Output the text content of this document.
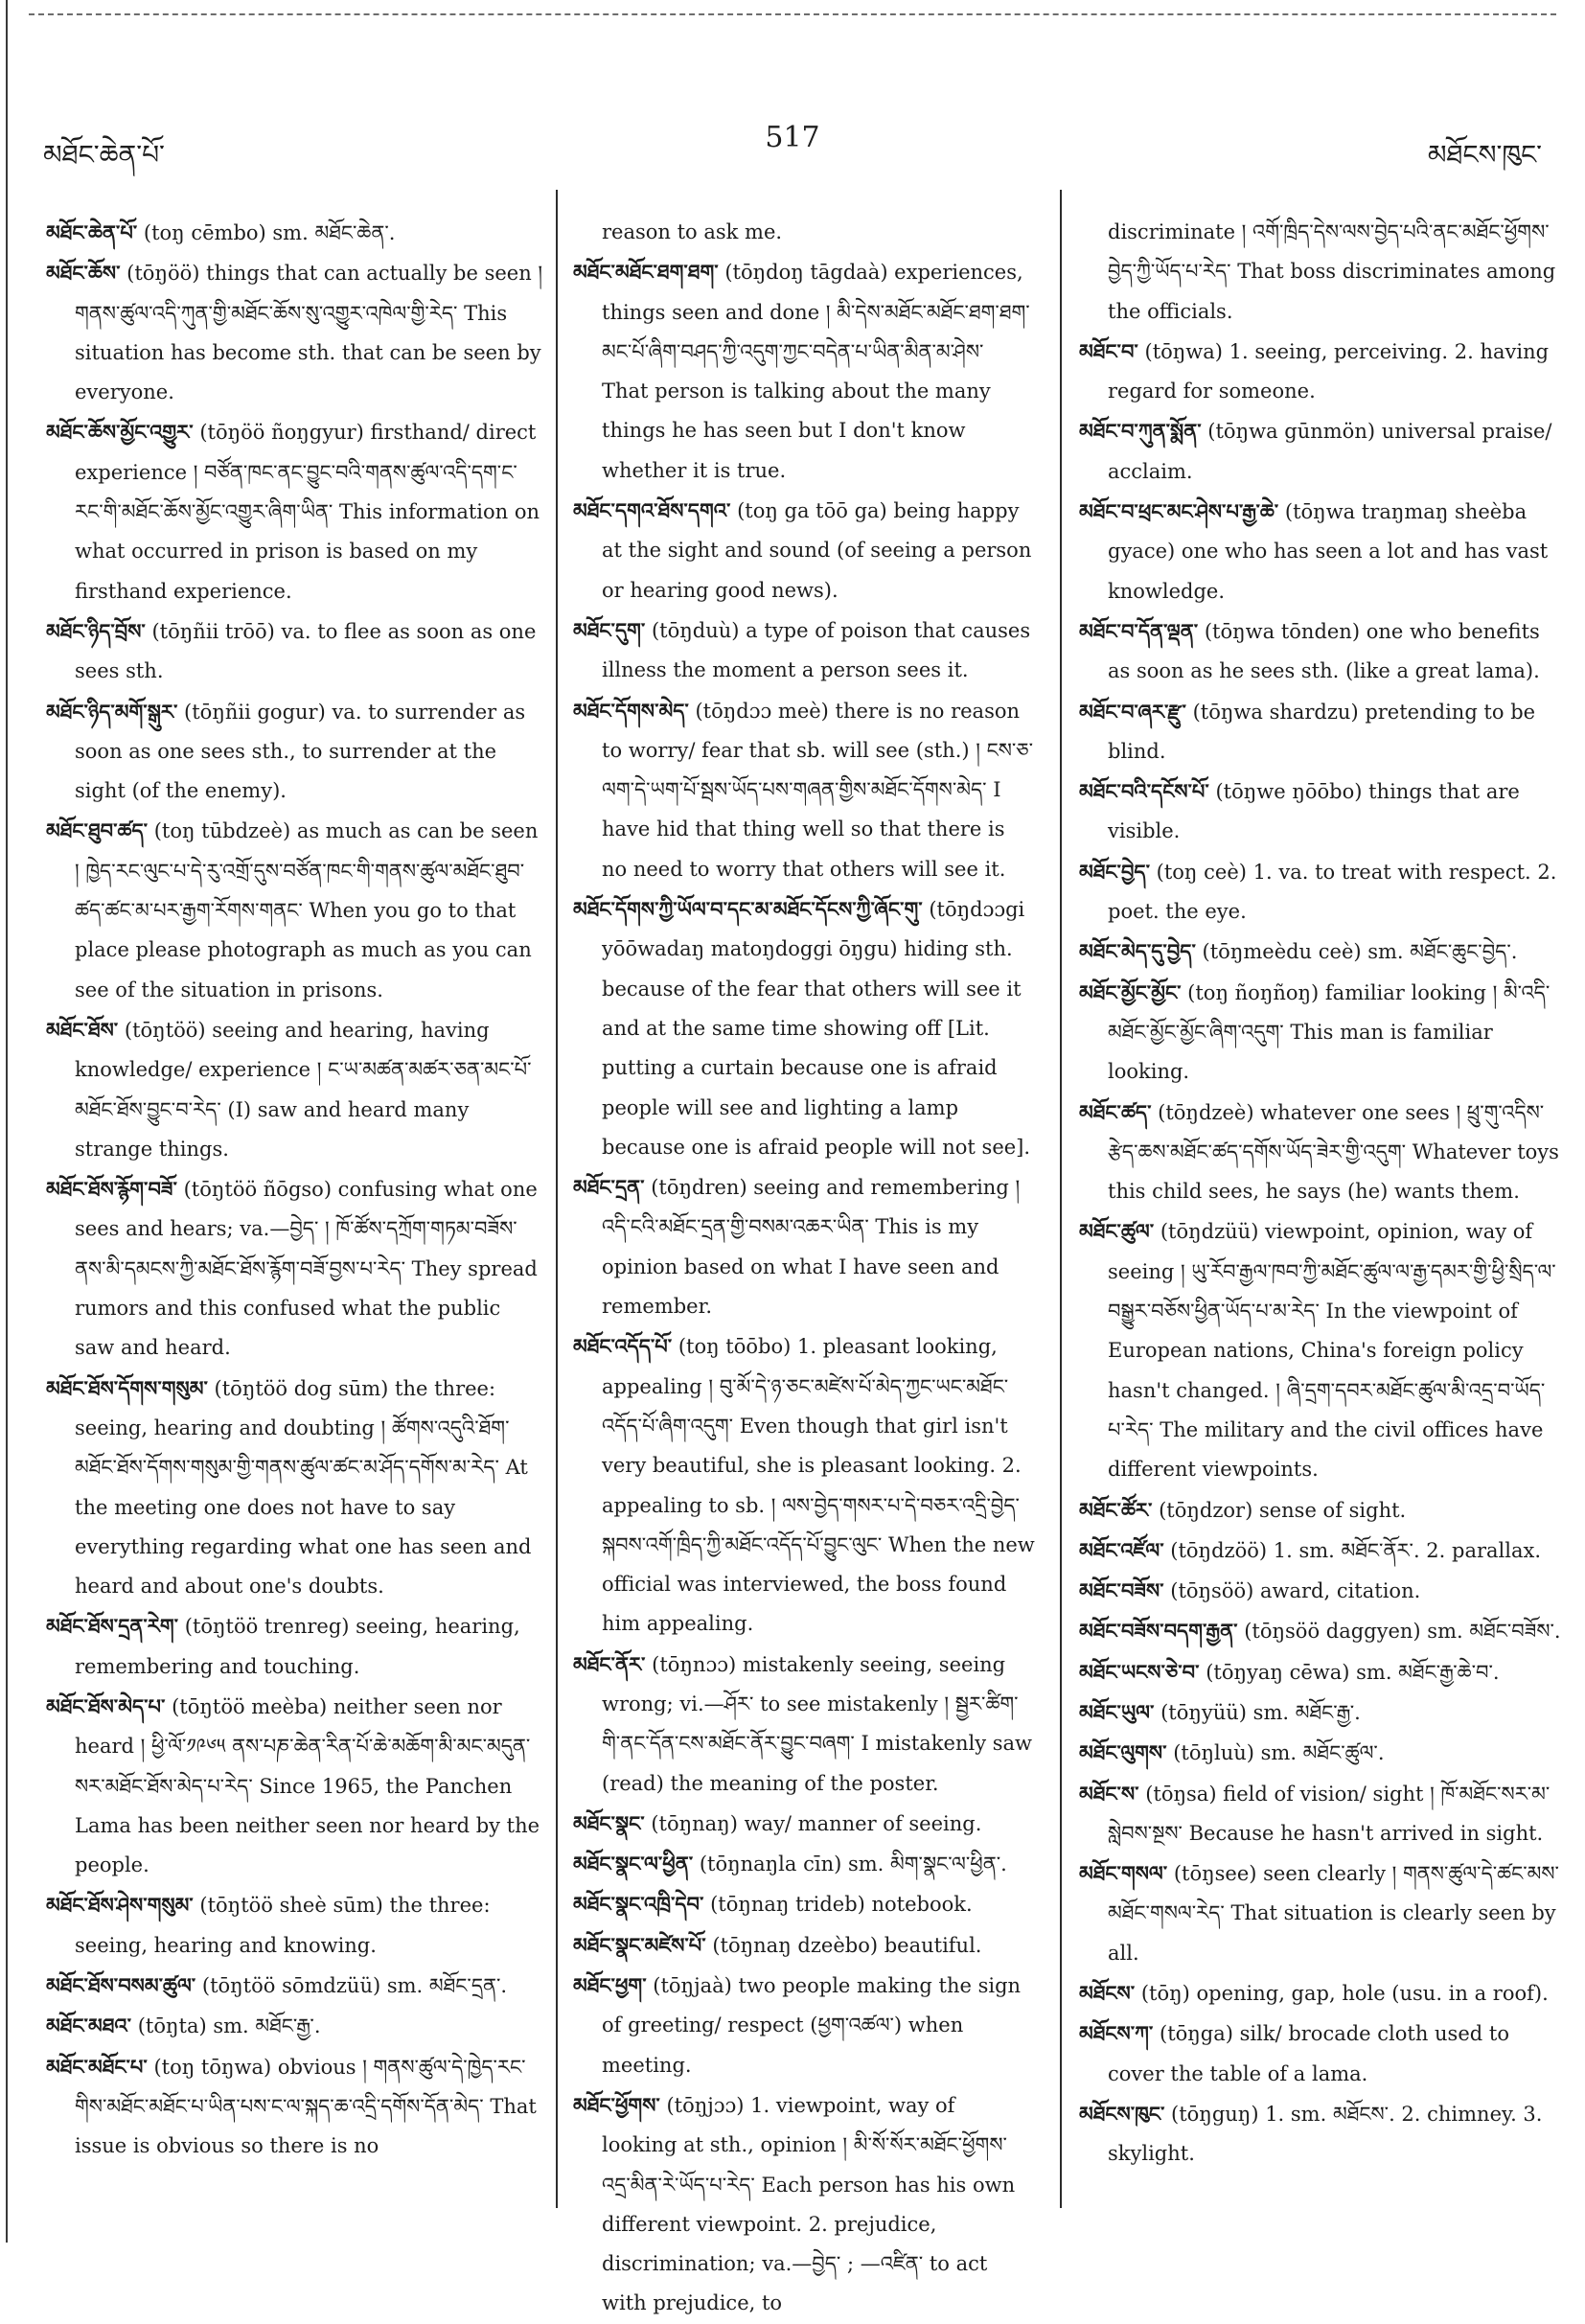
མཐོང་ཆེན་པོ་
517
མཐོངས་ཁུང་

མཐོང་ཆེན་པོ་ (toŋ cēmbo) sm. མཐོང་ཆེན་.

མཐོང་ཆོས་ (tōŋöö) things that can actually be seen ། གནས་ཚུལ་འདི་ཀུན་གྱི་མཐོང་ཆོས་སུ་འགྱུར་འཁེལ་གྱི་རེད་ This situation has become sth. that can be seen by everyone.

མཐོང་ཆོས་མྱོང་འགྱུར་ (tōŋöö ñoŋgyur) firsthand/ direct experience ། བཙོན་ཁང་ནང་བྱུང་བའི་གནས་ཚུལ་འདི་དག་ང་རང་གི་མཐོང་ཆོས་མྱོང་འགྱུར་ཞིག་ཡིན་ This information on what occurred in prison is based on my firsthand experience.

མཐོང་ཉིད་བྲོས་ (tōŋñii trōō) va. to flee as soon as one sees sth.

མཐོང་ཉིད་མགོ་སྒུར་ (tōŋñii gogur) va. to surrender as soon as one sees sth., to surrender at the sight (of the enemy).

མཐོང་ཐུབ་ཚད་ (toŋ tūbdzeè) as much as can be seen ། ཁྱེད་རང་ལུང་པ་དེ་རུ་འགྲོ་དུས་བཙོན་ཁང་གི་གནས་ཚུལ་མཐོང་ཐུབ་ཚད་ཚང་མ་པར་རྒྱག་རོགས་གནང་ When you go to that place please photograph as much as you can see of the situation in prisons.

མཐོང་ཐོས་ (tōŋtöö) seeing and hearing, having knowledge/ experience ། ང་ཡ་མཚན་མཚར་ཅན་མང་པོ་མཐོང་ཐོས་བྱུང་བ་རེད་ (I) saw and heard many strange things.

མཐོང་ཐོས་རྙོག་བཟོ་ (tōŋtöö ñōgso) confusing what one sees and hears; va.—བྱེད་ ། ཁོ་ཚོས་དཀྲོག་གཏམ་བཟོས་ནས་མི་དམངས་ཀྱི་མཐོང་ཐོས་རྙོག་བཟོ་བྱས་པ་རེད་ They spread rumors and this confused what the public saw and heard.

མཐོང་ཐོས་དོགས་གསུམ་ (tōŋtöö doɡ sūm) the three: seeing, hearing and doubting ། ཚོགས་འདུའི་ཐོག་མཐོང་ཐོས་དོགས་གསུམ་གྱི་གནས་ཚུལ་ཚང་མ་ཤོད་དགོས་མ་རེད་ At the meeting one does not have to say everything regarding what one has seen and heard and about one's doubts.

མཐོང་ཐོས་དྲན་རེག་ (tōŋtöö trenreg) seeing, hearing, remembering and touching.

མཐོང་ཐོས་མེད་པ་ (tōŋtöö meèba) neither seen nor heard ། ཕྱི་ལོ་༡༩༦༥ ནས་པཎ་ཆེན་རིན་པོ་ཆེ་མཆོག་མི་མང་མདུན་སར་མཐོང་ཐོས་མེད་པ་རེད་ Since 1965, the Panchen Lama has been neither seen nor heard by the people.

མཐོང་ཐོས་ཤེས་གསུམ་ (tōŋtöö sheè sūm) the three: seeing, hearing and knowing.

མཐོང་ཐོས་བསམ་ཚུལ་ (tōŋtöö sōmdzüü) sm. མཐོང་དྲན་.

མཐོང་མཐའ་ (tōŋta) sm. མཐོང་རྒྱ་.

མཐོང་མཐོང་པ་ (toŋ tōŋwa) obvious ། གནས་ཚུལ་དེ་ཁྱེད་རང་གིས་མཐོང་མཐོང་པ་ཡིན་པས་ང་ལ་སྐད་ཆ་འདྲི་དགོས་དོན་མེད་ That issue is obvious so there is no

reason to ask me.

མཐོང་མཐོང་ཐག་ཐག་ (tōŋdoŋ tāgdaà) experiences, things seen and done ། མི་དེས་མཐོང་མཐོང་ཐག་ཐག་མང་པོ་ཞིག་བཤད་ཀྱི་འདུག་ཀྱང་བདེན་པ་ཡིན་མིན་མ་ཤེས་ That person is talking about the many things he has seen but I don't know whether it is true.

མཐོང་དགའ་ཐོས་དགའ་ (toŋ ga tōō ga) being happy at the sight and sound (of seeing a person or hearing good news).

མཐོང་དུག་ (tōŋduù) a type of poison that causes illness the moment a person sees it.

མཐོང་དོགས་མེད་ (tōŋdɔɔ meè) there is no reason to worry/ fear that sb. will see (sth.) ། ངས་ཅ་ལག་དེ་ཡག་པོ་སྦས་ཡོད་པས་གཞན་གྱིས་མཐོང་དོགས་མེད་ I have hid that thing well so that there is no need to worry that others will see it.

མཐོང་དོགས་ཀྱི་ཡོལ་བ་དང་མ་མཐོང་དོངས་ཀྱི་ཞོང་གུ་ (tōŋdɔɔgi yōōwadaŋ matoŋdoggi ōŋgu) hiding sth. because of the fear that others will see it and at the same time showing off [Lit. putting a curtain because one is afraid people will see and lighting a lamp because one is afraid people will not see].

མཐོང་དྲན་ (tōŋdren) seeing and remembering ། འདི་ངའི་མཐོང་དྲན་གྱི་བསམ་འཆར་ཡིན་ This is my opinion based on what I have seen and remember.

མཐོང་འདོད་པོ་ (toŋ tōōbo) 1. pleasant looking, appealing ། བུ་མོ་དེ་ཉ་ཅང་མཛེས་པོ་མེད་ཀྱང་ཡང་མཐོང་འདོད་པོ་ཞིག་འདུག་ Even though that girl isn't very beautiful, she is pleasant looking. 2. appealing to sb. ། ལས་བྱེད་གསར་པ་དེ་བཅར་འདྲི་བྱེད་སྐབས་འགོ་ཁྲིད་ཀྱི་མཐོང་འདོད་པོ་བྱུང་ལུང་ When the new official was interviewed, the boss found him appealing.

མཐོང་ནོར་ (tōŋnɔɔ) mistakenly seeing, seeing wrong; vi.—ཤོར་ to see mistakenly ། སྦྱར་ཚིག་གི་ནང་དོན་ངས་མཐོང་ནོར་བྱུང་བཞག་ I mistakenly saw (read) the meaning of the poster.

མཐོང་སྣང་ (tōŋnaŋ) way/ manner of seeing.

མཐོང་སྣང་ལ་ཕྱིན་ (tōŋnaŋla cīn) sm. མིག་སྣང་ལ་ཕྱིན་.

མཐོང་སྣང་འཁྲི་དེབ་ (tōŋnaŋ trideb) notebook.

མཐོང་སྣང་མཛེས་པོ་ (tōŋnaŋ dzeèbo) beautiful.

མཐོང་ཕྱག་ (tōŋjaà) two people making the sign of greeting/ respect (ཕྱག་འཚལ་) when meeting.

མཐོང་ཕྱོགས་ (tōŋjɔɔ) 1. viewpoint, way of looking at sth., opinion ། མི་སོ་སོར་མཐོང་ཕྱོགས་འདྲ་མིན་རེ་ཡོད་པ་རེད་ Each person has his own different viewpoint. 2. prejudice, discrimination; va.—བྱེད་ ; —འཛིན་ to act with prejudice, to

discriminate ། འགོ་ཁྲིད་དེས་ལས་བྱེད་པའི་ནང་མཐོང་ཕྱོགས་བྱེད་ཀྱི་ཡོད་པ་རེད་ That boss discriminates among the officials.

མཐོང་བ་ (tōŋwa) 1. seeing, perceiving. 2. having regard for someone.

མཐོང་བ་ཀུན་སྨོན་ (tōŋwa gūnmön) universal praise/ acclaim.

མཐོང་བ་ཕྲང་མང་ཤེས་པ་རྒྱ་ཆེ་ (tōŋwa traŋmaŋ sheèba gyace) one who has seen a lot and has vast knowledge.

མཐོང་བ་དོན་ལྡན་ (tōŋwa tōnden) one who benefits as soon as he sees sth. (like a great lama).

མཐོང་བ་ཞར་རྫུ་ (tōŋwa shardzu) pretending to be blind.

མཐོང་བའི་དངོས་པོ་ (tōŋwe ŋōōbo) things that are visible.

མཐོང་བྱེད་ (toŋ ceè) 1. va. to treat with respect. 2. poet. the eye.

མཐོང་མེད་དུ་བྱེད་ (tōŋmeèdu ceè) sm. མཐོང་ཆུང་བྱེད་.

མཐོང་མྱོང་མྱོང་ (toŋ ñoŋñoŋ) familiar looking ། མི་འདི་མཐོང་མྱོང་མྱོང་ཞིག་འདུག་ This man is familiar looking.

མཐོང་ཚད་ (tōŋdzeè) whatever one sees ། ཕྲུ་གུ་འདིས་རྩེད་ཆས་མཐོང་ཚད་དགོས་ཡོད་ཟེར་གྱི་འདུག་ Whatever toys this child sees, he says (he) wants them.

མཐོང་ཚུལ་ (tōŋdzüü) viewpoint, opinion, way of seeing ། ཡུ་རོབ་རྒྱལ་ཁབ་ཀྱི་མཐོང་ཚུལ་ལ་རྒྱ་དམར་གྱི་ཕྱི་སྲིད་ལ་བསྒྱུར་བཅོས་ཕྱིན་ཡོད་པ་མ་རེད་ In the viewpoint of European nations, China's foreign policy hasn't changed. ། ཞི་དྲག་དབར་མཐོང་ཚུལ་མི་འདྲ་བ་ཡོད་པ་རེད་ The military and the civil offices have different viewpoints.

མཐོང་ཚོར་ (tōŋdzor) sense of sight.

མཐོང་འཛོལ་ (tōŋdzöö) 1. sm. མཐོང་ནོར་. 2. parallax.

མཐོང་བཟོས་ (tōŋsöö) award, citation.

མཐོང་བཟོས་བདག་རྒྱན་ (tōŋsöö daggyen) sm. མཐོང་བཟོས་.

མཐོང་ཡངས་ཅེ་བ་ (tōŋyaŋ cēwa) sm. མཐོང་རྒྱ་ཆེ་བ་.

མཐོང་ཡུལ་ (tōŋyüü) sm. མཐོང་རྒྱ་.

མཐོང་ལུགས་ (tōŋluù) sm. མཐོང་ཚུལ་.

མཐོང་ས་ (tōŋsa) field of vision/ sight ། ཁོ་མཐོང་སར་མ་སླེབས་སྔས་ Because he hasn't arrived in sight.

མཐོང་གསལ་ (tōŋsee) seen clearly ། གནས་ཚུལ་དེ་ཚང་མས་མཐོང་གསལ་རེད་ That situation is clearly seen by all.

མཐོངས་ (tōŋ) opening, gap, hole (usu. in a roof).

མཐོངས་ཀ་ (tōŋga) silk/ brocade cloth used to cover the table of a lama.

མཐོངས་ཁུང་ (tōŋguŋ) 1. sm. མཐོངས་. 2. chimney. 3. skylight.
